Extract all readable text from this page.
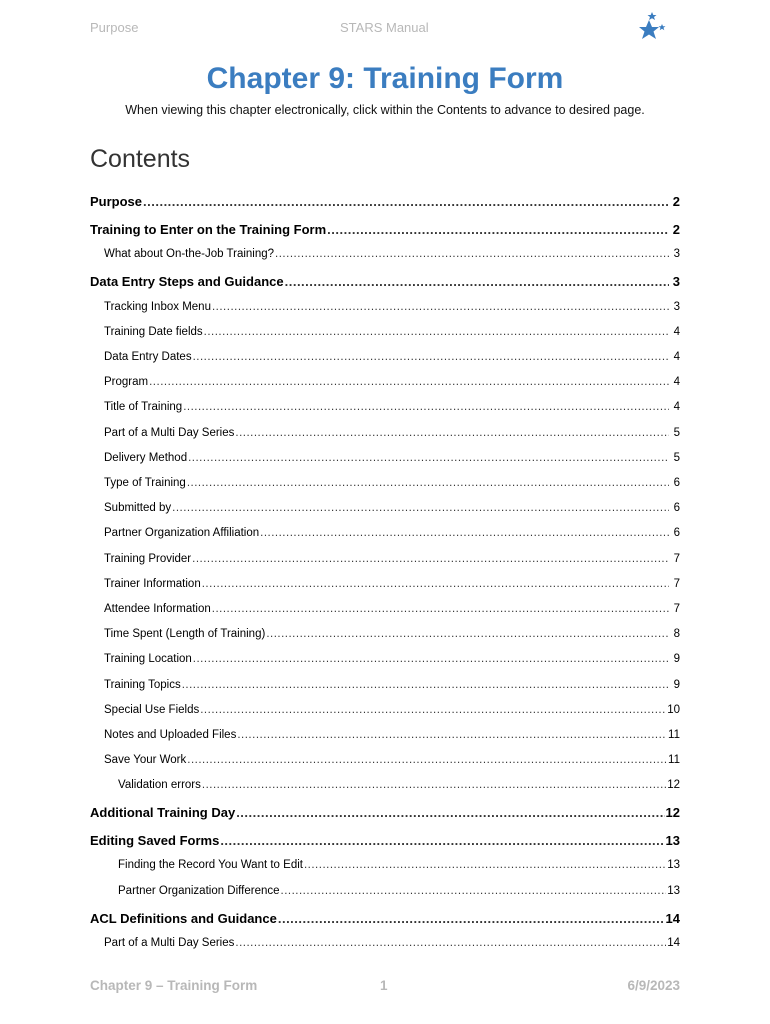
Purpose	STARS Manual
Chapter 9: Training Form
When viewing this chapter electronically, click within the Contents to advance to desired page.
Contents
Purpose .....	2
Training to Enter on the Training Form .....	2
What about On-the-Job Training? .....	3
Data Entry Steps and Guidance .....	3
Tracking Inbox Menu .....	3
Training Date fields .....	4
Data Entry Dates .....	4
Program .....	4
Title of Training .....	4
Part of a Multi Day Series .....	5
Delivery Method .....	5
Type of Training .....	6
Submitted by .....	6
Partner Organization Affiliation .....	6
Training Provider .....	7
Trainer Information .....	7
Attendee Information .....	7
Time Spent (Length of Training) .....	8
Training Location .....	9
Training Topics .....	9
Special Use Fields .....	10
Notes and Uploaded Files .....	11
Save Your Work .....	11
Validation errors .....	12
Additional Training Day .....	12
Editing Saved Forms .....	13
Finding the Record You Want to Edit .....	13
Partner Organization Difference .....	13
ACL Definitions and Guidance .....	14
Part of a Multi Day Series .....	14
Chapter 9 – Training Form	1	6/9/2023
